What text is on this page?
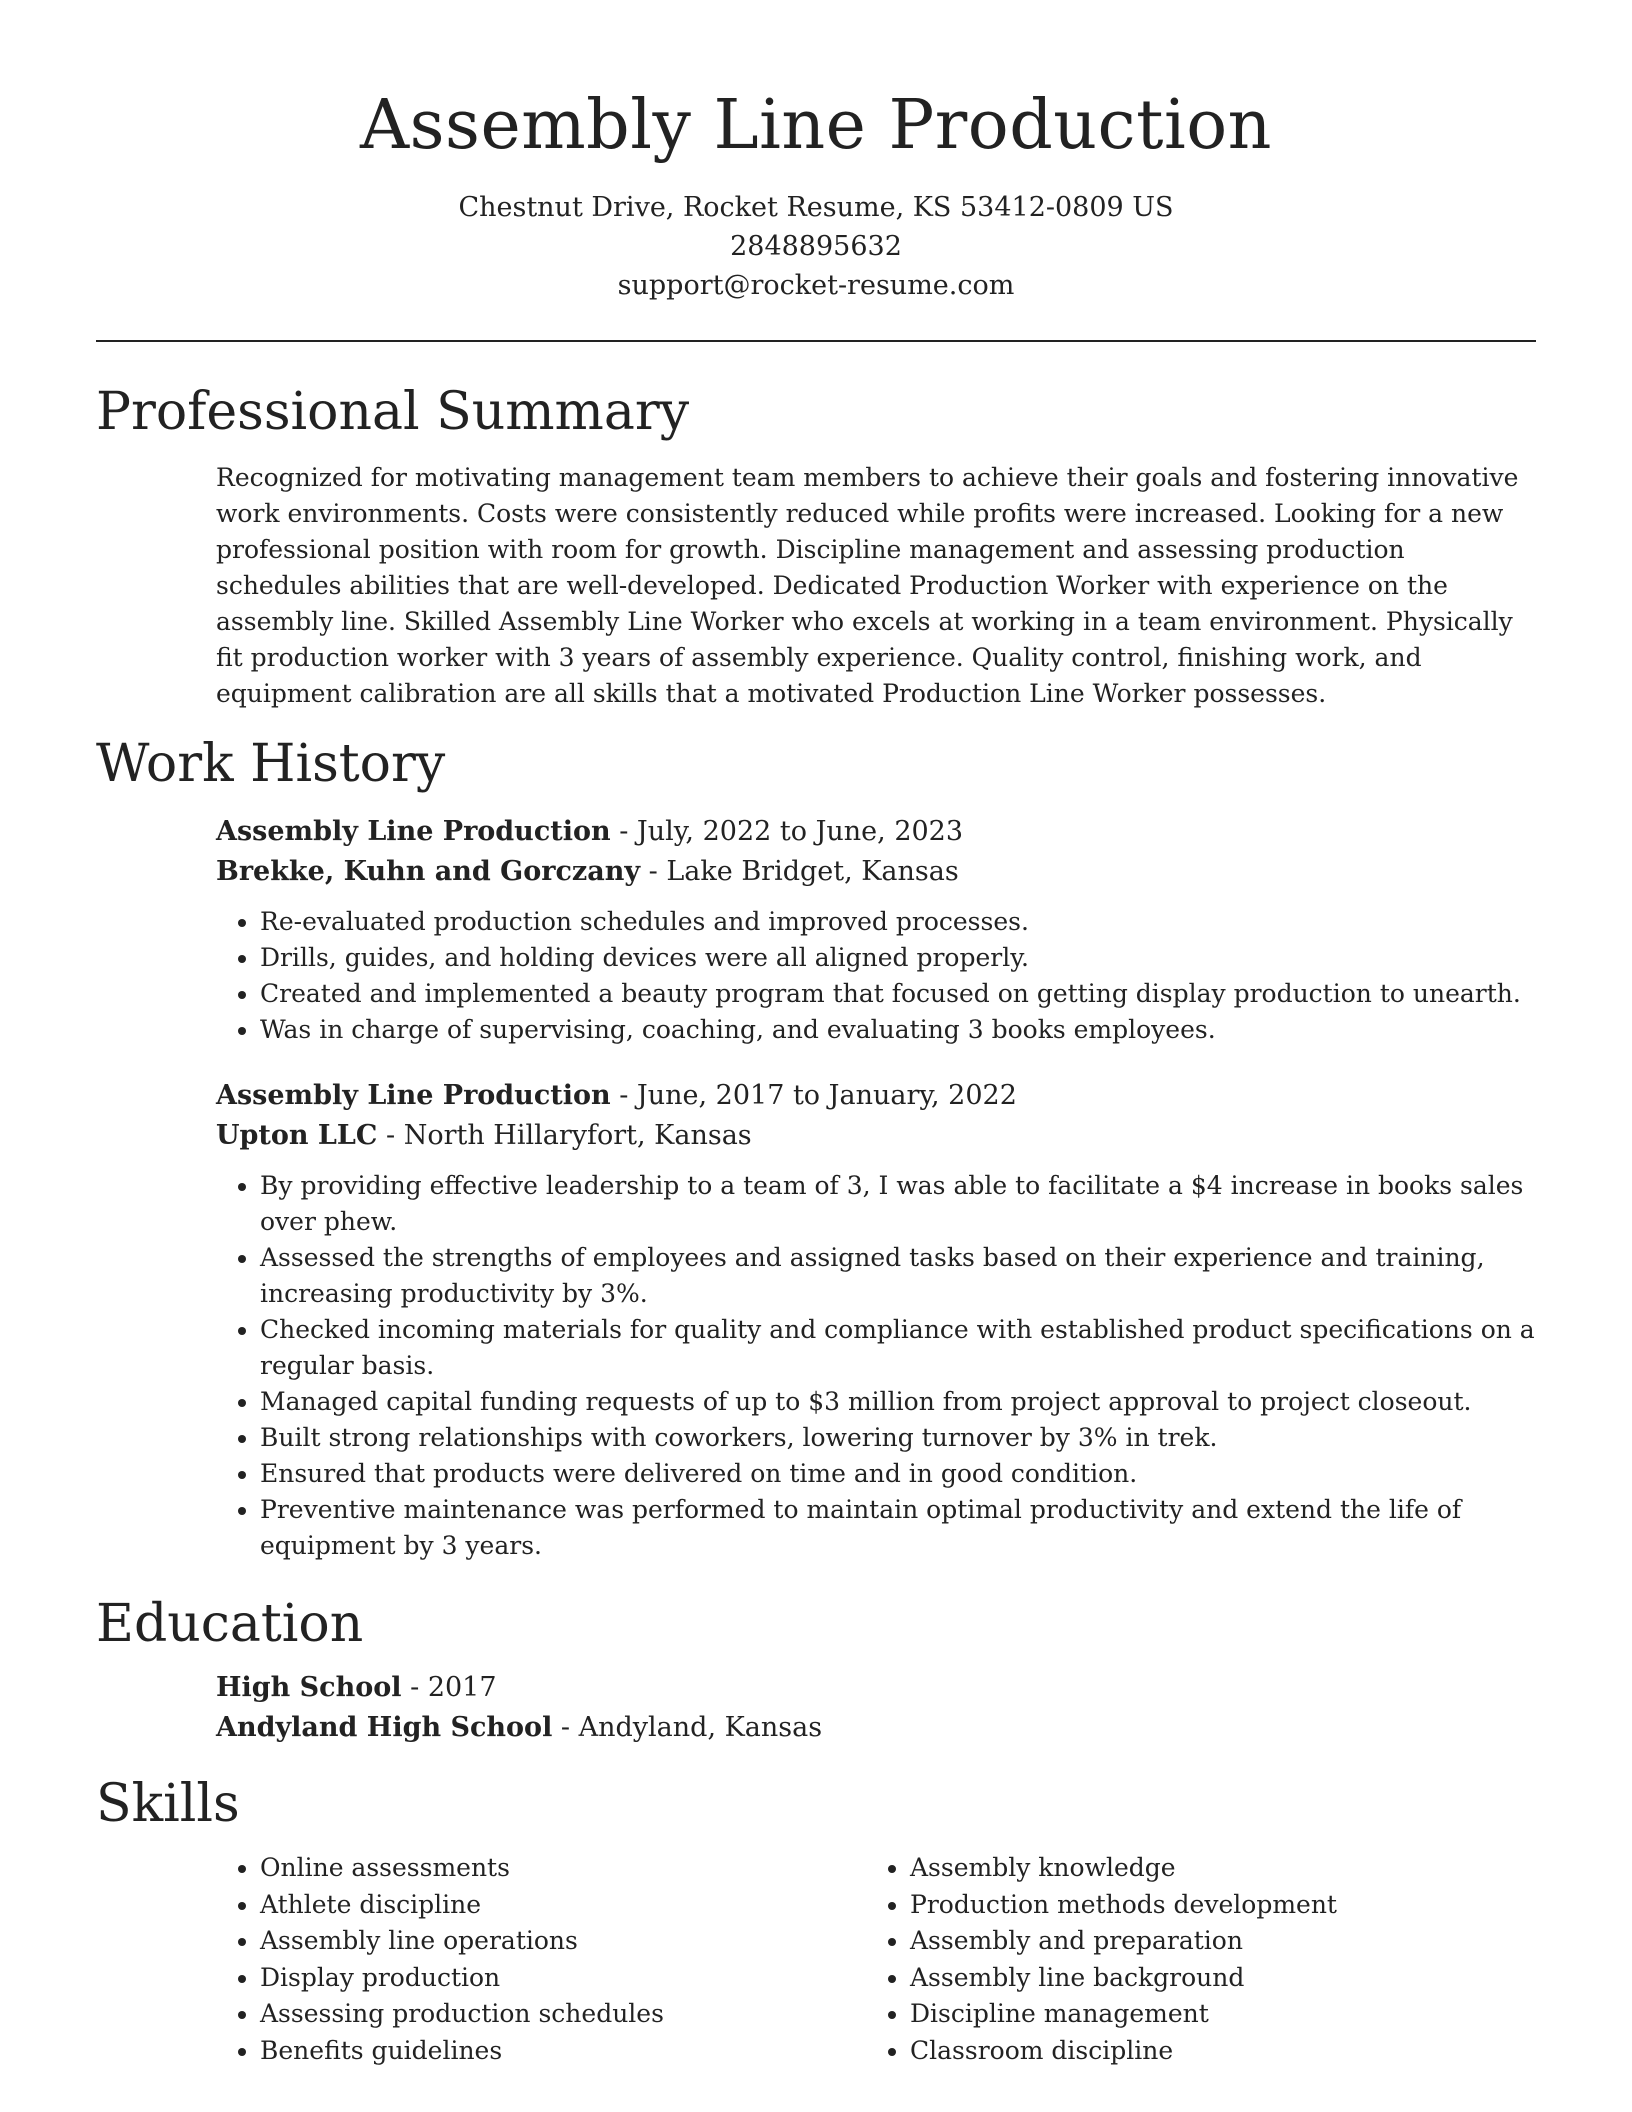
Assembly Line Production
Chestnut Drive, Rocket Resume, KS 53412-0809 US
2848895632
support@rocket-resume.com
Professional Summary

Recognized for motivating management team members to achieve their goals and fostering innovative work environments. Costs were consistently reduced while profits were increased. Looking for a new professional position with room for growth. Discipline management and assessing production schedules abilities that are well-developed. Dedicated Production Worker with experience on the assembly line. Skilled Assembly Line Worker who excels at working in a team environment. Physically fit production worker with 3 years of assembly experience. Quality control, finishing work, and equipment calibration are all skills that a motivated Production Line Worker possesses.

Work History
Assembly Line Production - July, 2022 to June, 2023
Brekke, Kuhn and Gorczany - Lake Bridget, Kansas
• Re-evaluated production schedules and improved processes.
• Drills, guides, and holding devices were all aligned properly.
• Created and implemented a beauty program that focused on getting display production to unearth.
• Was in charge of supervising, coaching, and evaluating 3 books employees.
Assembly Line Production - June, 2017 to January, 2022
Upton LLC - North Hillaryfort, Kansas
• By providing effective leadership to a team of 3, I was able to facilitate a $4 increase in books sales over phew.
• Assessed the strengths of employees and assigned tasks based on their experience and training, increasing productivity by 3%.
• Checked incoming materials for quality and compliance with established product specifications on a regular basis.
• Managed capital funding requests of up to $3 million from project approval to project closeout.
• Built strong relationships with coworkers, lowering turnover by 3% in trek.
• Ensured that products were delivered on time and in good condition.
• Preventive maintenance was performed to maintain optimal productivity and extend the life of equipment by 3 years.
Education
High School - 2017
Andyland High School - Andyland, Kansas
Skills
• Online assessments
• Athlete discipline
• Assembly line operations
• Display production
• Assessing production schedules
• Benefits guidelines
• Assembly knowledge
• Production methods development
• Assembly and preparation
• Assembly line background
• Discipline management
• Classroom discipline
